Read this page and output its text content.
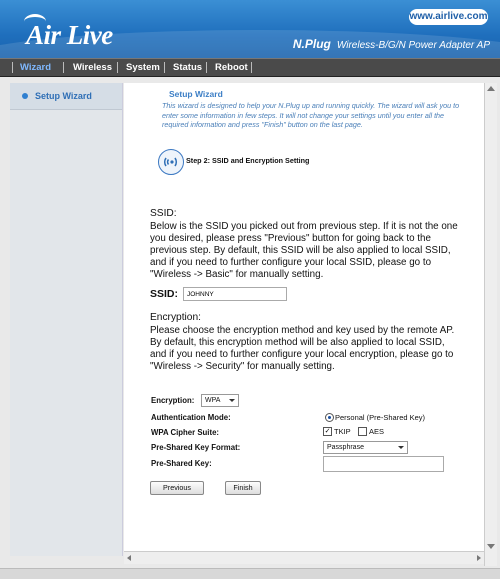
Air Live
www.airlive.com
N.Plug Wireless-B/G/N Power Adapter AP
Wizard Wireless System Status Reboot
Setup Wizard	Setup Wizard
This wizard is designed to help your N.Plug up and running quickly. The wizard will ask you to enter some information in few steps. It will not change your settings until you enter all the required information and press "Finish" button on the last page.
Step 2: SSID and Encryption Setting
SSID:
Below is the SSID you picked out from previous step. If it is not the one you desired, please press "Previous" button for going back to the previous step. By default, this SSID will be also applied to local SSID, and if you need to further configure your local SSID, please go to "Wireless -> Basic" for manually setting.
SSID:
JOHNNY
Encryption:
Please choose the encryption method and key used by the remote AP. By default, this encryption method will be also applied to local SSID, and if you need to further configure your local encryption, please go to "Wireless -> Security" for manually setting.
Encryption:	WPA
Authentication Mode:	Personal (Pre-Shared Key)
WPA Cipher Suite:	✓ TKIP AES
Pre-Shared Key Format:	Passphrase
Pre-Shared Key:
Previous	Finish
